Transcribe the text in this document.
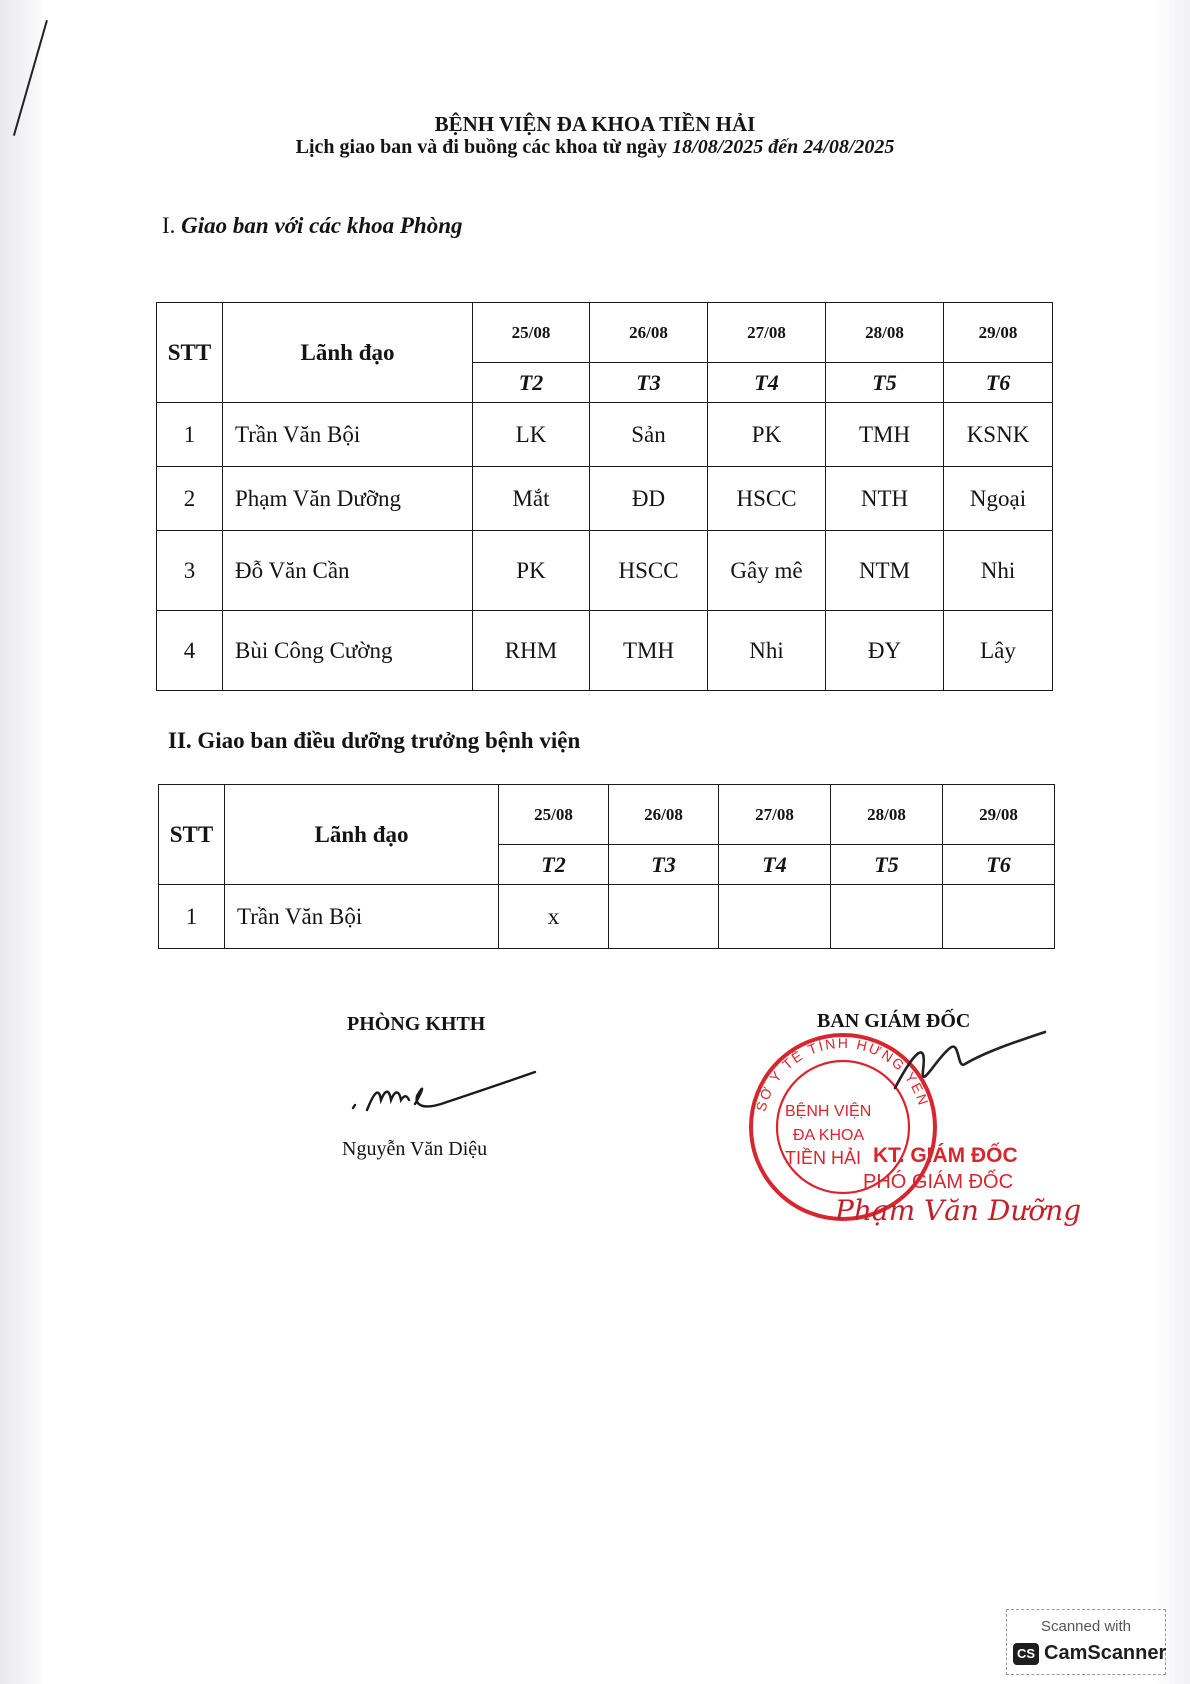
BỆNH VIỆN ĐA KHOA TIỀN HẢI
Lịch giao ban và đi buồng các khoa từ ngày 18/08/2025 đến 24/08/2025
I. Giao ban với các khoa Phòng
STT	Lãnh đạo	25/08	26/08	27/08	28/08	29/08
		T2	T3	T4	T5	T6
1	Trần Văn Bội	LK	Sản	PK	TMH	KSNK
2	Phạm Văn Dưỡng	Mắt	ĐD	HSCC	NTH	Ngoại
3	Đỗ Văn Cần	PK	HSCC	Gây mê	NTM	Nhi
4	Bùi Công Cường	RHM	TMH	Nhi	ĐY	Lây
II. Giao ban điều dưỡng trưởng bệnh viện
STT	Lãnh đạo	25/08	26/08	27/08	28/08	29/08
		T2	T3	T4	T5	T6
1	Trần Văn Bội	x				
PHÒNG KHTH
Nguyễn Văn Diệu
BAN GIÁM ĐỐC
SỞ Y TẾ TỈNH HƯNG YÊN
BỆNH VIỆN
ĐA KHOA
TIỀN HẢI KT. GIÁM ĐỐC
PHÓ GIÁM ĐỐC
Phạm Văn Dưỡng
Scanned with
CS CamScanner
